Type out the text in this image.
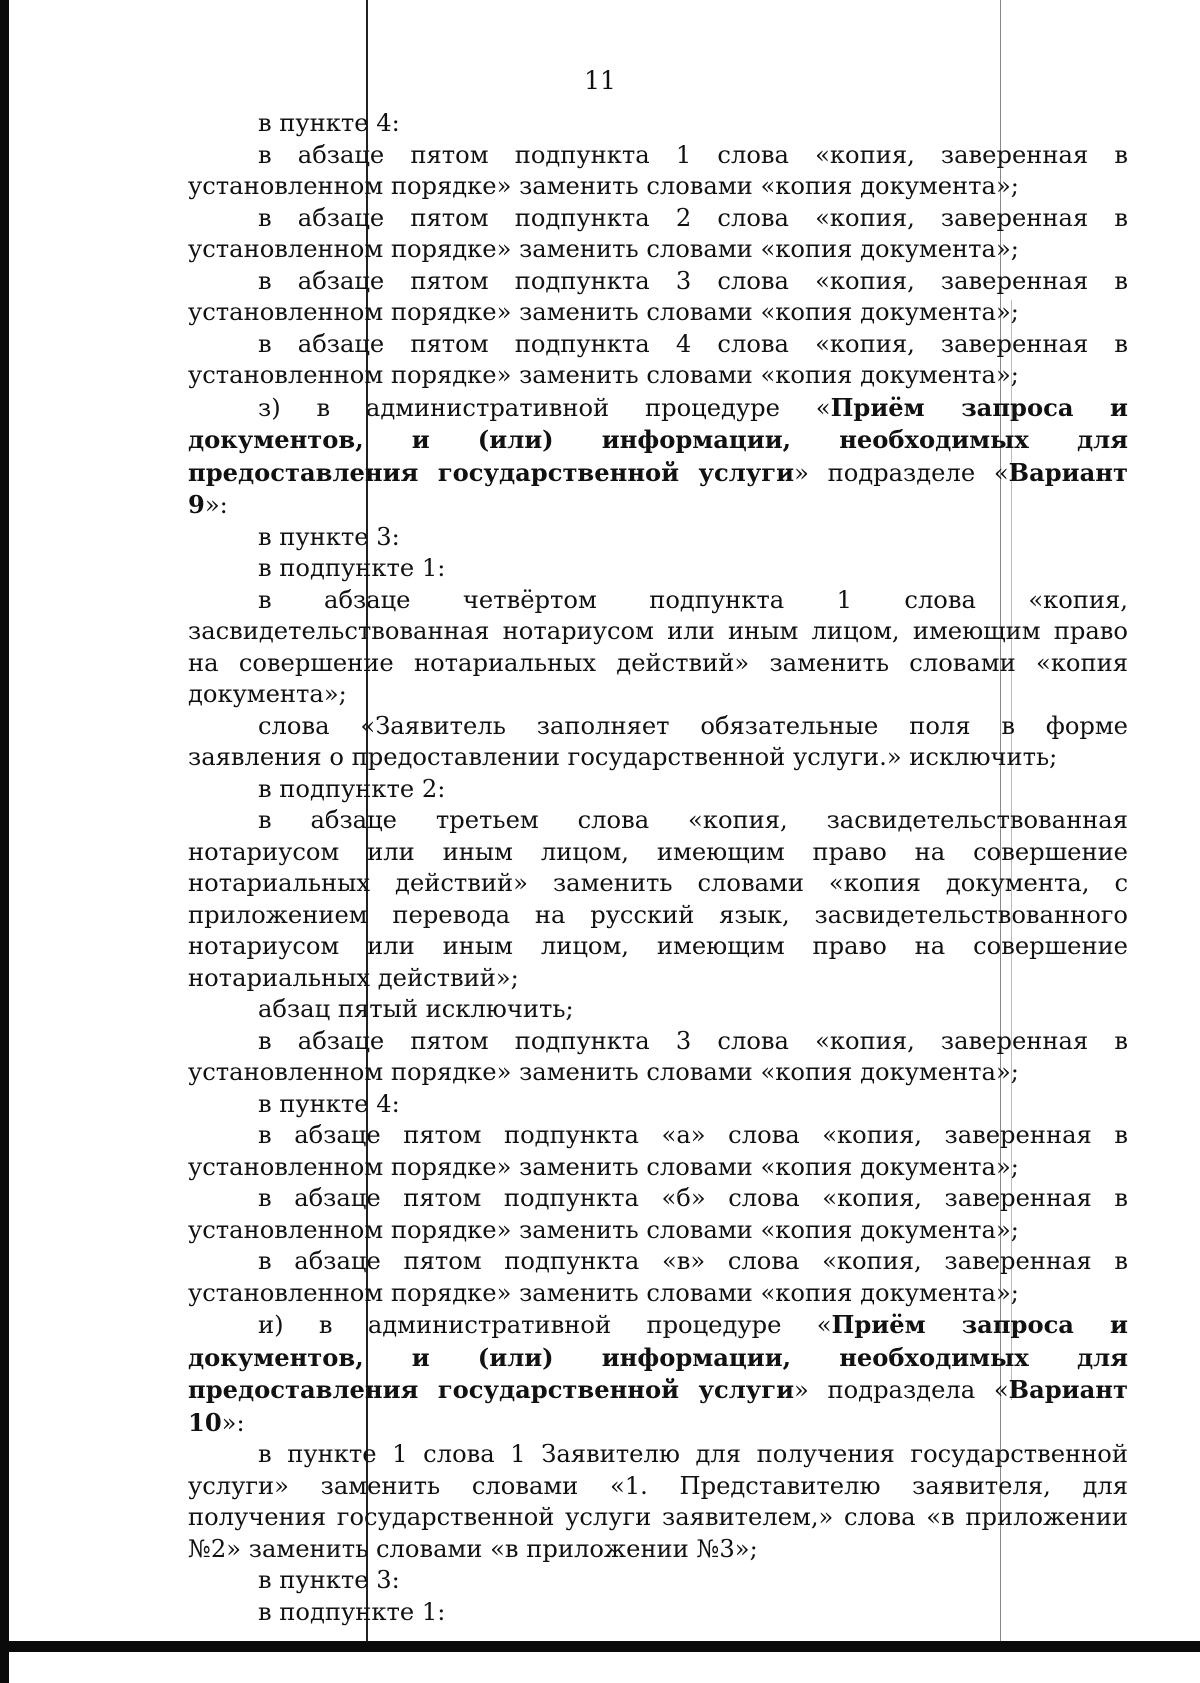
11

в пункте 4:

в абзаце пятом подпункта 1 слова «копия, заверенная в установленном порядке» заменить словами «копия документа»;

в абзаце пятом подпункта 2 слова «копия, заверенная в установленном порядке» заменить словами «копия документа»;

в абзаце пятом подпункта 3 слова «копия, заверенная в установленном порядке» заменить словами «копия документа»;

в абзаце пятом подпункта 4 слова «копия, заверенная в установленном порядке» заменить словами «копия документа»;

з) в административной процедуре «Приём запроса и документов, и (или) информации, необходимых для предоставления государственной услуги» подразделе «Вариант 9»:

в пункте 3:

в подпункте 1:

в абзаце четвёртом подпункта 1 слова «копия, засвидетельствованная нотариусом или иным лицом, имеющим право на совершение нотариальных действий» заменить словами «копия документа»;

слова «Заявитель заполняет обязательные поля в форме заявления о предоставлении государственной услуги.» исключить;

в подпункте 2:

в абзаце третьем слова «копия, засвидетельствованная нотариусом или иным лицом, имеющим право на совершение нотариальных действий» заменить словами «копия документа, с приложением перевода на русский язык, засвидетельствованного нотариусом или иным лицом, имеющим право на совершение нотариальных действий»;

абзац пятый исключить;

в абзаце пятом подпункта 3 слова «копия, заверенная в установленном порядке» заменить словами «копия документа»;

в пункте 4:

в абзаце пятом подпункта «а» слова «копия, заверенная в установленном порядке» заменить словами «копия документа»;

в абзаце пятом подпункта «б» слова «копия, заверенная в установленном порядке» заменить словами «копия документа»;

в абзаце пятом подпункта «в» слова «копия, заверенная в установленном порядке» заменить словами «копия документа»;

и) в административной процедуре «Приём запроса и документов, и (или) информации, необходимых для предоставления государственной услуги» подраздела «Вариант 10»:

в пункте 1 слова 1 Заявителю для получения государственной услуги» заменить словами «1. Представителю заявителя, для получения государственной услуги заявителем,» слова «в приложении №2» заменить словами «в приложении №3»;

в пункте 3:

в подпункте 1:
